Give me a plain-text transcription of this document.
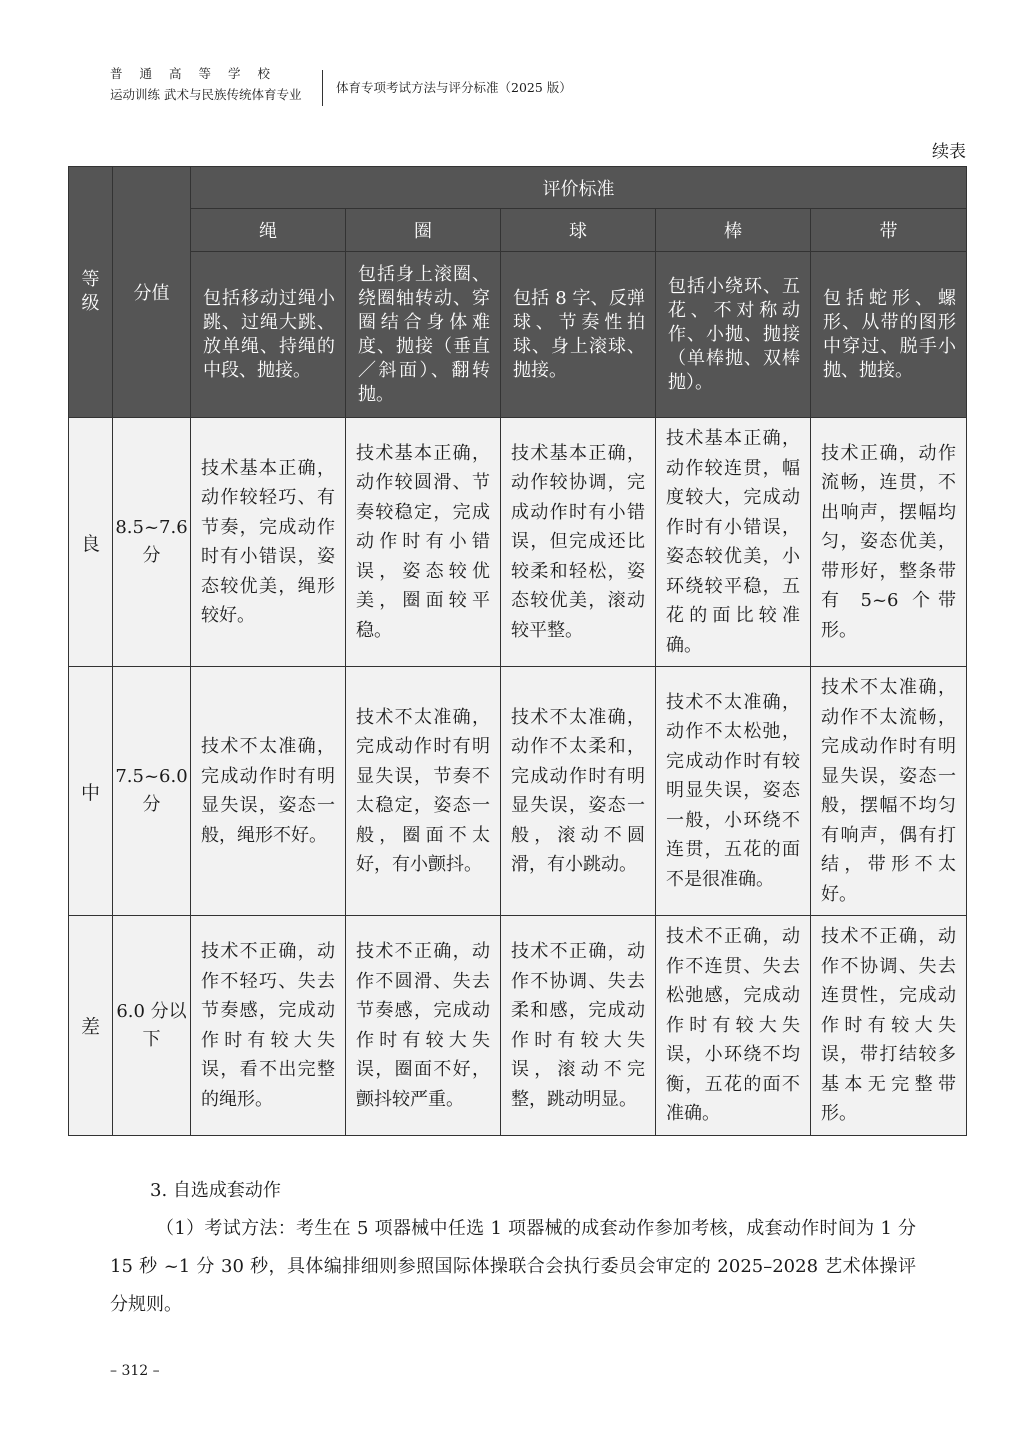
普通高等学校
运动训练 武术与民族传统体育专业	体育专项考试方法与评分标准（2025 版）
续表
等级	分值	评价标准				
		绳	圈	球	棒	带
		包括移动过绳小跳、过绳大跳、放单绳、持绳的中段、抛接。	包括身上滚圈、绕圈轴转动、穿圈结合身体难度、抛接（垂直／斜面）、翻转抛。	包括 8 字、反弹球、节奏性拍球、身上滚球、抛接。	包括小绕环、五花、不对称动作、小抛、抛接（单棒抛、双棒抛）。	包括蛇形、螺形、从带的图形中穿过、脱手小抛、抛接。
良	8.5~7.6 分	技术基本正确，动作较轻巧、有节奏，完成动作时有小错误，姿态较优美，绳形较好。	技术基本正确，动作较圆滑、节奏较稳定，完成动作时有小错误，姿态较优美，圈面较平稳。	技术基本正确，动作较协调，完成动作时有小错误，但完成还比较柔和轻松，姿态较优美，滚动较平整。	技术基本正确，动作较连贯，幅度较大，完成动作时有小错误，姿态较优美，小环绕较平稳，五花的面比较准确。	技术正确，动作流畅，连贯，不出响声，摆幅均匀，姿态优美，带形好，整条带有 5~6 个带形。
中	7.5~6.0 分	技术不太准确，完成动作时有明显失误，姿态一般，绳形不好。	技术不太准确，完成动作时有明显失误，节奏不太稳定，姿态一般，圈面不太好，有小颤抖。	技术不太准确，动作不太柔和，完成动作时有明显失误，姿态一般，滚动不圆滑，有小跳动。	技术不太准确，动作不太松弛，完成动作时有较明显失误，姿态一般，小环绕不连贯，五花的面不是很准确。	技术不太准确，动作不太流畅，完成动作时有明显失误，姿态一般，摆幅不均匀有响声，偶有打结，带形不太好。
差	6.0 分以下	技术不正确，动作不轻巧、失去节奏感，完成动作时有较大失误，看不出完整的绳形。	技术不正确，动作不圆滑、失去节奏感，完成动作时有较大失误，圈面不好，颤抖较严重。	技术不正确，动作不协调、失去柔和感，完成动作时有较大失误，滚动不完整，跳动明显。	技术不正确，动作不连贯、失去松弛感，完成动作时有较大失误，小环绕不均衡，五花的面不准确。	技术不正确，动作不协调、失去连贯性，完成动作时有较大失误，带打结较多基本无完整带形。
3. 自选成套动作
（1）考试方法：考生在 5 项器械中任选 1 项器械的成套动作参加考核，成套动作时间为 1 分 15 秒 ~1 分 30 秒，具体编排细则参照国际体操联合会执行委员会审定的 2025–2028 艺术体操评分规则。
– 312 –
